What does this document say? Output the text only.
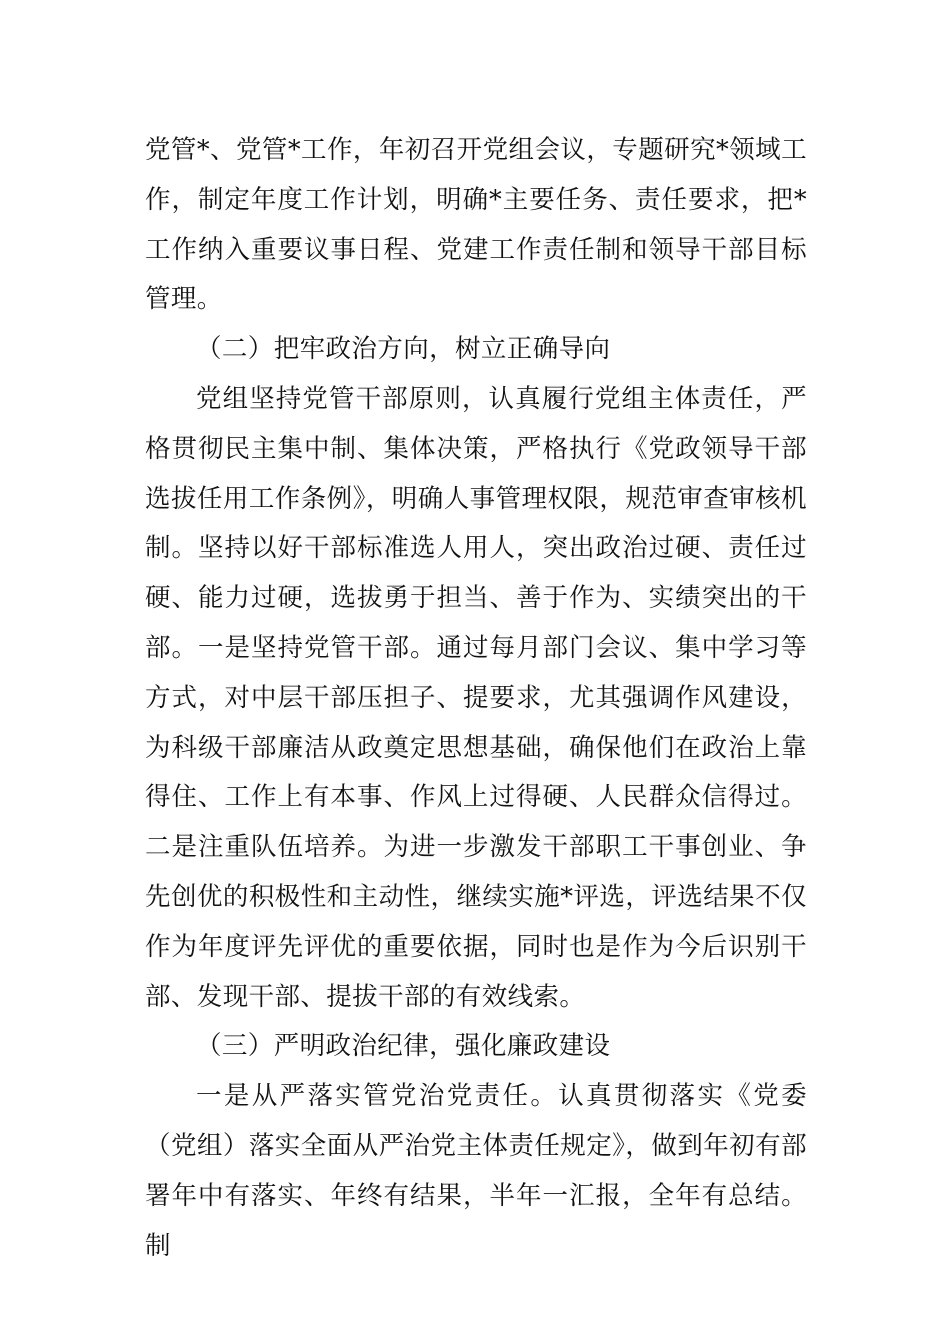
党管*、党管*工作，年初召开党组会议，专题研究*领域工作，制定年度工作计划，明确*主要任务、责任要求，把*工作纳入重要议事日程、党建工作责任制和领导干部目标管理。

（二）把牢政治方向，树立正确导向

党组坚持党管干部原则，认真履行党组主体责任，严格贯彻民主集中制、集体决策，严格执行《党政领导干部选拔任用工作条例》，明确人事管理权限，规范审查审核机制。坚持以好干部标准选人用人，突出政治过硬、责任过硬、能力过硬，选拔勇于担当、善于作为、实绩突出的干部。一是坚持党管干部。通过每月部门会议、集中学习等方式，对中层干部压担子、提要求，尤其强调作风建设，为科级干部廉洁从政奠定思想基础，确保他们在政治上靠得住、工作上有本事、作风上过得硬、人民群众信得过。二是注重队伍培养。为进一步激发干部职工干事创业、争先创优的积极性和主动性，继续实施*评选，评选结果不仅作为年度评先评优的重要依据，同时也是作为今后识别干部、发现干部、提拔干部的有效线索。

（三）严明政治纪律，强化廉政建设

一是从严落实管党治党责任。认真贯彻落实《党委（党组）落实全面从严治党主体责任规定》，做到年初有部署年中有落实、年终有结果，半年一汇报，全年有总结。制
